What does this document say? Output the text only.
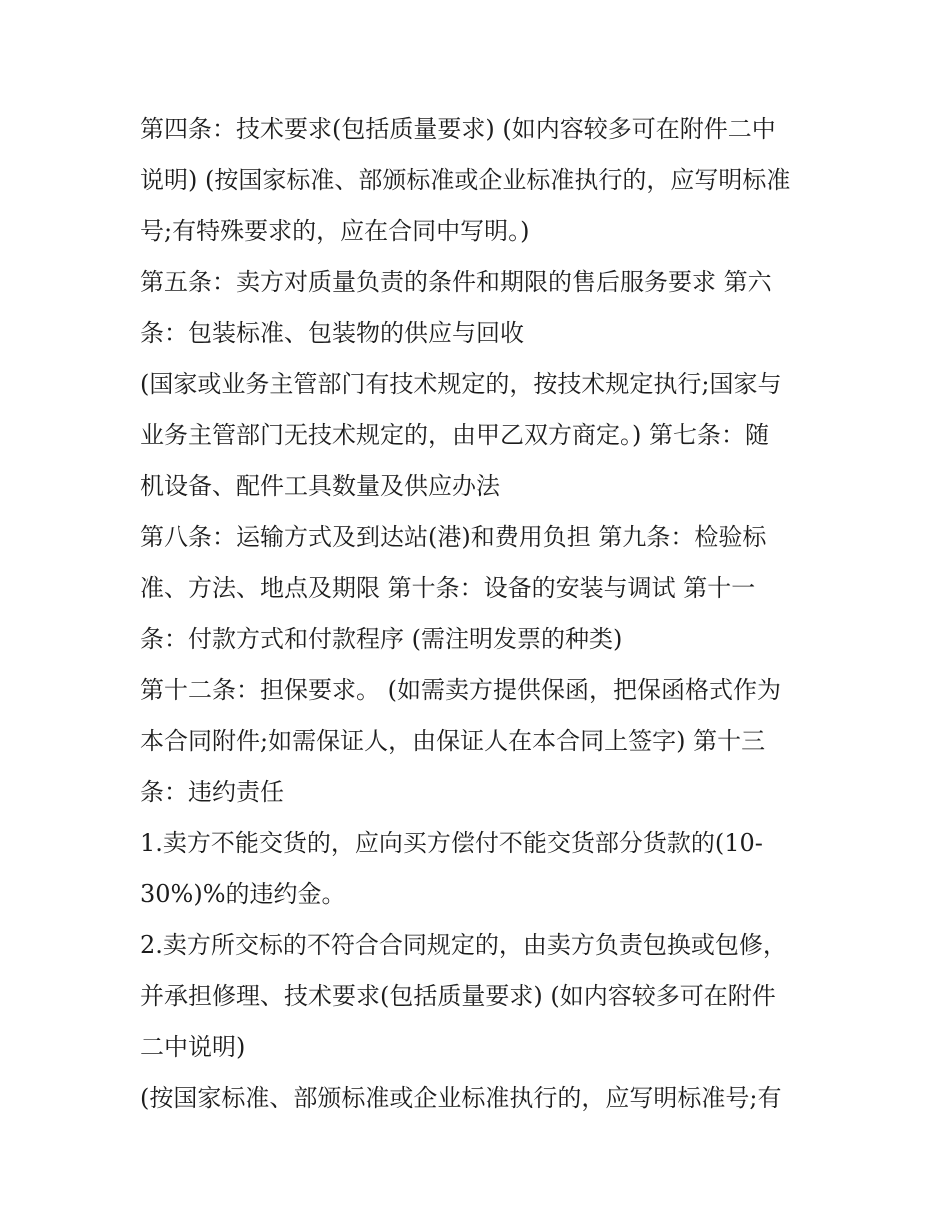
第四条：技术要求(包括质量要求) (如内容较多可在附件二中
说明) (按国家标准、部颁标准或企业标准执行的，应写明标准
号;有特殊要求的，应在合同中写明。)
第五条：卖方对质量负责的条件和期限的售后服务要求 第六
条：包装标准、包装物的供应与回收
(国家或业务主管部门有技术规定的，按技术规定执行;国家与
业务主管部门无技术规定的，由甲乙双方商定。) 第七条：随
机设备、配件工具数量及供应办法
第八条：运输方式及到达站(港)和费用负担 第九条：检验标
准、方法、地点及期限 第十条：设备的安装与调试 第十一
条：付款方式和付款程序 (需注明发票的种类)
第十二条：担保要求。 (如需卖方提供保函，把保函格式作为
本合同附件;如需保证人，由保证人在本合同上签字) 第十三
条：违约责任
1.卖方不能交货的，应向买方偿付不能交货部分货款的(10-
30%)%的违约金。
2.卖方所交标的不符合合同规定的，由卖方负责包换或包修，
并承担修理、技术要求(包括质量要求) (如内容较多可在附件
二中说明)
(按国家标准、部颁标准或企业标准执行的，应写明标准号;有
